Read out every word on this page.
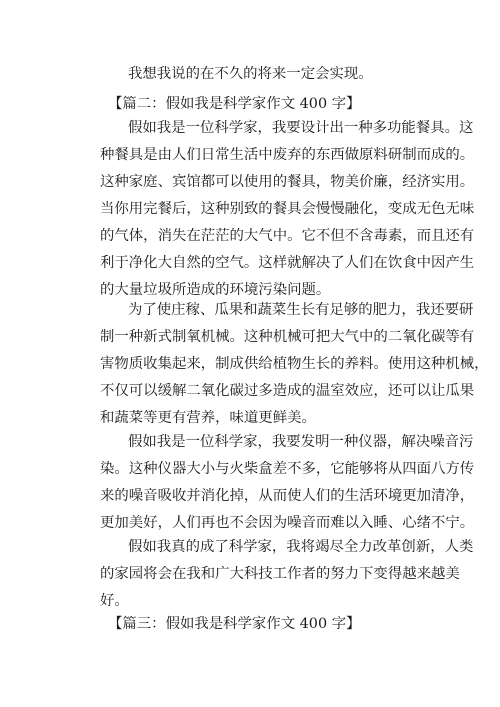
我想我说的在不久的将来一定会实现。
【篇二：假如我是科学家作文 400 字】
假如我是一位科学家，我要设计出一种多功能餐具。这
种餐具是由人们日常生活中废弃的东西做原料研制而成的。
这种家庭、宾馆都可以使用的餐具，物美价廉，经济实用。
当你用完餐后，这种别致的餐具会慢慢融化，变成无色无味
的气体，消失在茫茫的大气中。它不但不含毒素，而且还有
利于净化大自然的空气。这样就解决了人们在饮食中因产生
的大量垃圾所造成的环境污染问题。
为了使庄稼、瓜果和蔬菜生长有足够的肥力，我还要研
制一种新式制氧机械。这种机械可把大气中的二氧化碳等有
害物质收集起来，制成供给植物生长的养料。使用这种机械，
不仅可以缓解二氧化碳过多造成的温室效应，还可以让瓜果
和蔬菜等更有营养，味道更鲜美。
假如我是一位科学家，我要发明一种仪器，解决噪音污
染。这种仪器大小与火柴盒差不多，它能够将从四面八方传
来的噪音吸收并消化掉，从而使人们的生活环境更加清净，
更加美好，人们再也不会因为噪音而难以入睡、心绪不宁。
假如我真的成了科学家，我将竭尽全力改革创新，人类
的家园将会在我和广大科技工作者的努力下变得越来越美
好。
【篇三：假如我是科学家作文 400 字】
